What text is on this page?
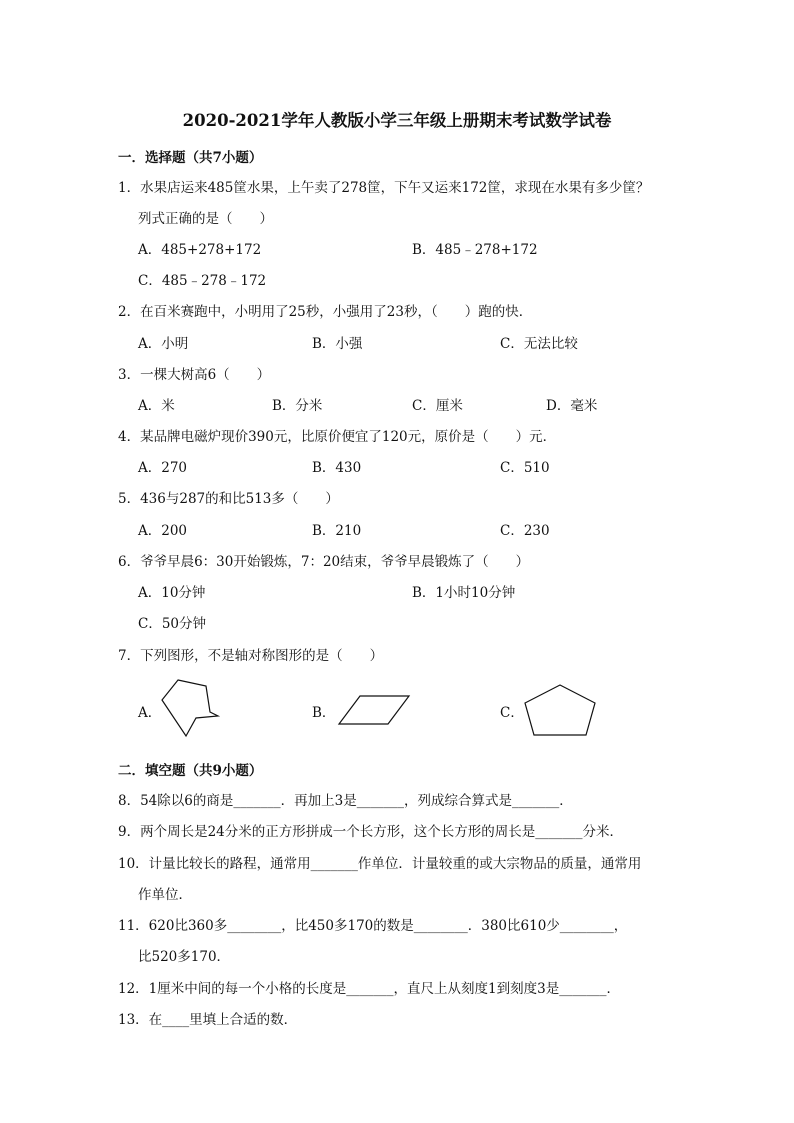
2020-2021学年人教版小学三年级上册期末考试数学试卷
一．选择题（共7小题）
1．水果店运来485筐水果，上午卖了278筐，下午又运来172筐，求现在水果有多少筐？
列式正确的是（　　）
A．485+278+172	B．485﹣278+172
C．485﹣278﹣172
2．在百米赛跑中，小明用了25秒，小强用了23秒，（　　）跑的快．
A．小明	B．小强	C．无法比较
3．一棵大树高6（　　）
A．米	B．分米	C．厘米	D．毫米
4．某品牌电磁炉现价390元，比原价便宜了120元，原价是（　　）元．
A．270	B．430	C．510
5．436与287的和比513多（　　）
A．200	B．210	C．230
6．爷爷早晨6：30开始锻炼，7：20结束，爷爷早晨锻炼了（　　）
A．10分钟	B．1小时10分钟
C．50分钟
7．下列图形，不是轴对称图形的是（　　）
A．	B．	C．
二．填空题（共9小题）
8．54除以6的商是_______．再加上3是_______，列成综合算式是_______．
9．两个周长是24分米的正方形拼成一个长方形，这个长方形的周长是_______分米．
10．计量比较长的路程，通常用_______作单位．计量较重的或大宗物品的质量，通常用
作单位．
11．620比360多________，比450多170的数是________．380比610少________，
比520多170．
12．1厘米中间的每一个小格的长度是_______，直尺上从刻度1到刻度3是_______．
13．在____里填上合适的数．
